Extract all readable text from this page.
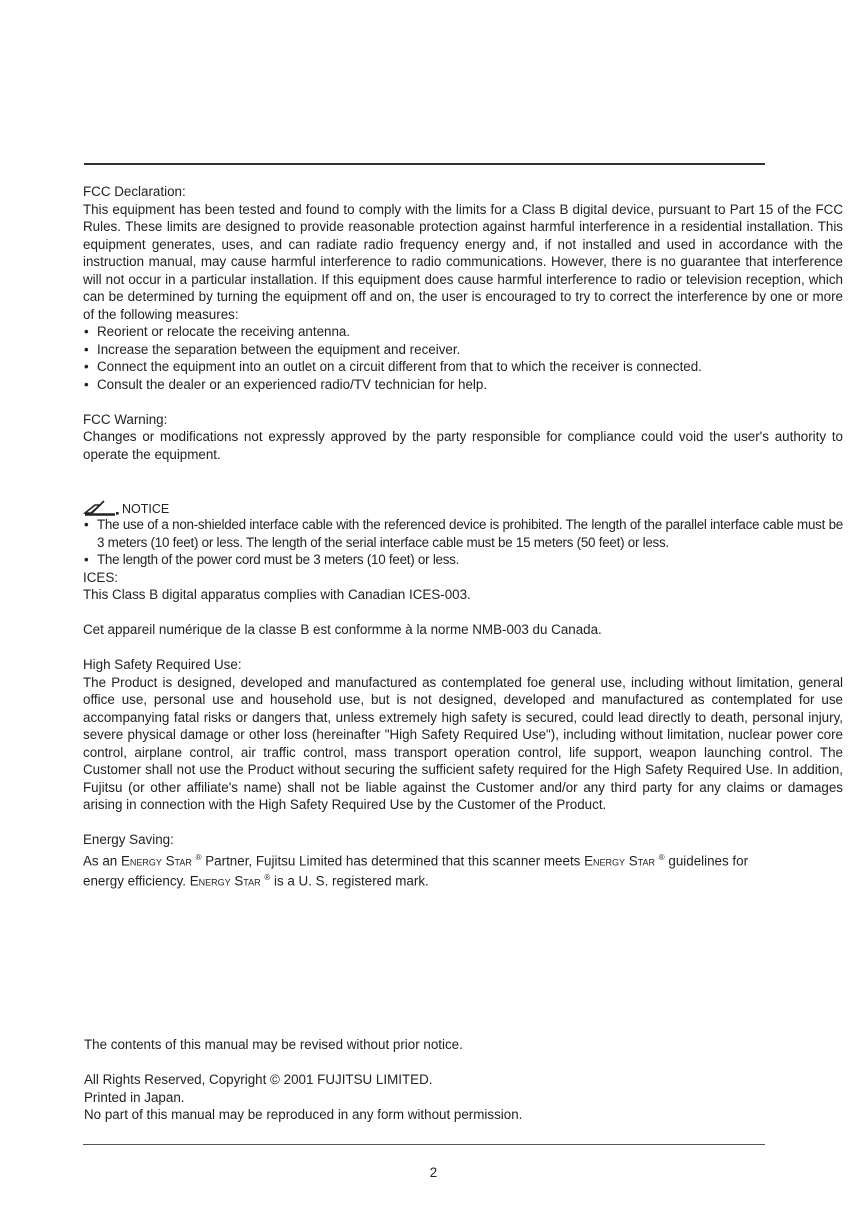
FCC Declaration:
This equipment has been tested and found to comply with the limits for a Class B digital device, pursuant to Part 15 of the FCC Rules. These limits are designed to provide reasonable protection against harmful interference in a residential installation. This equipment generates, uses, and can radiate radio frequency energy and, if not installed and used in accordance with the instruction manual, may cause harmful interference to radio communications. However, there is no guarantee that interference will not occur in a particular installation. If this equipment does cause harmful interference to radio or television reception, which can be determined by turning the equipment off and on, the user is encouraged to try to correct the interference by one or more of the following measures:
• Reorient or relocate the receiving antenna.
• Increase the separation between the equipment and receiver.
• Connect the equipment into an outlet on a circuit different from that to which the receiver is connected.
• Consult the dealer or an experienced radio/TV technician for help.
FCC Warning:
Changes or modifications not expressly approved by the party responsible for compliance could void the user's authority to operate the equipment.
NOTICE
• The use of a non-shielded interface cable with the referenced device is prohibited. The length of the parallel interface cable must be 3 meters (10 feet) or less. The length of the serial interface cable must be 15 meters (50 feet) or less.
• The length of the power cord must be 3 meters (10 feet) or less.
ICES:
This Class B digital apparatus complies with Canadian ICES-003.
Cet appareil numérique de la classe B est conformme à la norme NMB-003 du Canada.
High Safety Required Use:
The Product is designed, developed and manufactured as contemplated foe general use, including without limitation, general office use, personal use and household use, but is not designed, developed and manufactured as contemplated for use accompanying fatal risks or dangers that, unless extremely high safety is secured, could lead directly to death, personal injury, severe physical damage or other loss (hereinafter "High Safety Required Use"), including without limitation, nuclear power core control, airplane control, air traffic control, mass transport operation control, life support, weapon launching control. The Customer shall not use the Product without securing the sufficient safety required for the High Safety Required Use. In addition, Fujitsu (or other affiliate's name) shall not be liable against the Customer and/or any third party for any claims or damages arising in connection with the High Safety Required Use by the Customer of the Product.
Energy Saving:
As an Energy Star ® Partner, Fujitsu Limited has determined that this scanner meets Energy Star ® guidelines for
energy efficiency. Energy Star ® is a U. S. registered mark.

The contents of this manual may be revised without prior notice.

All Rights Reserved, Copyright © 2001 FUJITSU LIMITED.

Printed in Japan.

No part of this manual may be reproduced in any form without permission.

2
